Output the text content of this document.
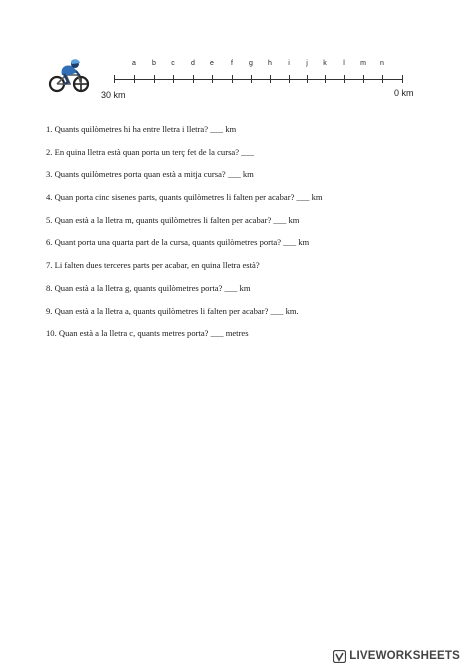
a b c d e f g h i j k l m n
30 km	0 km
1. Quants quilòmetres hi ha entre lletra i lletra? ___ km
2. En quina lletra està quan porta un terç fet de la cursa? ___
3. Quants quilòmetres porta quan està a mitja cursa? ___ km
4. Quan porta cinc sisenes parts, quants quilòmetres li falten per acabar? ___ km
5. Quan està a la lletra m, quants quilòmetres li falten per acabar? ___ km
6. Quant porta una quarta part de la cursa, quants quilòmetres porta? ___ km
7. Li falten dues terceres parts per acabar, en quina lletra està?
8. Quan està a la lletra g, quants quilòmetres porta? ___ km
9. Quan està a la lletra a, quants quilòmetres li falten per acabar? ___ km.
10. Quan està a la lletra c, quants metres porta? ___ metres
LIVEWORKSHEETS
